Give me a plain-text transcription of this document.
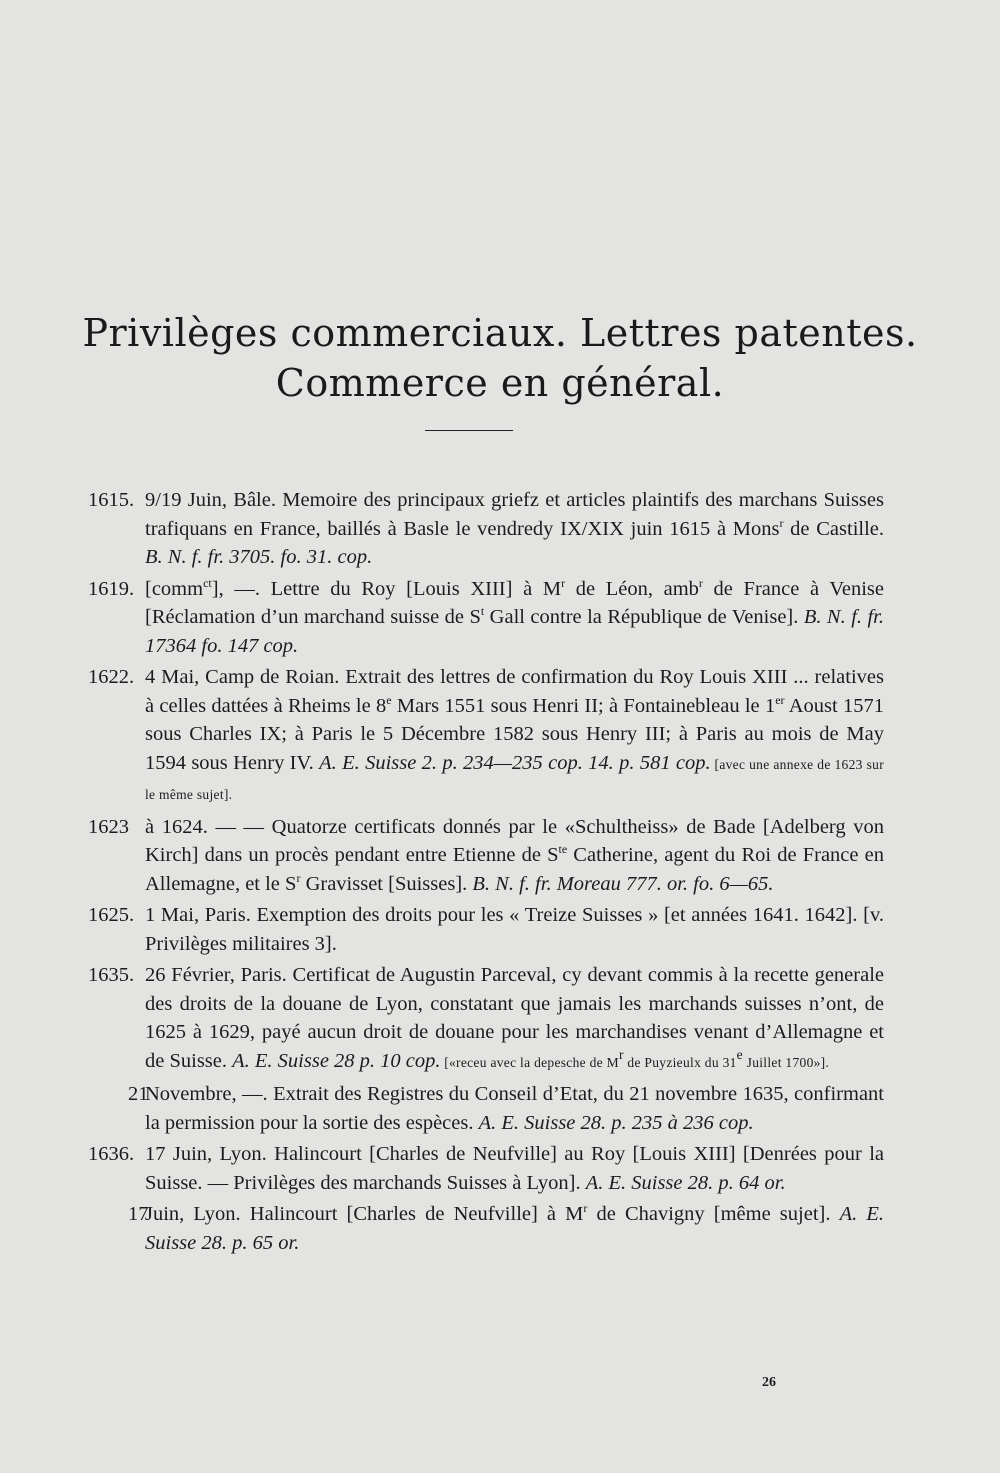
Privilèges commerciaux. Lettres patentes.
Commerce en général.
1615. 9/19 Juin, Bâle. Memoire des principaux griefz et articles plaintifs des marchans Suisses trafiquans en France, baillés à Basle le vendredy IX/XIX juin 1615 à Mons$^r$ de Castille. B. N. f. fr. 3705. fo. 31. cop.

1619. [comm$^{ct}$], —. Lettre du Roy [Louis XIII] à $M^r$ de Léon, amb$^r$ de France à Venise [Réclamation d’un marchand suisse de $S^t$ Gall contre la République de Venise]. B. N. f. fr. 17364 fo. 147 cop.

1622. 4 Mai, Camp de Roian. Extrait des lettres de confirmation du Roy Louis XIII ... relatives à celles dattées à Rheims le 8e Mars 1551 sous Henri II; à Fontainebleau le 1er Aoust 1571 sous Charles IX; à Paris le 5 Décembre 1582 sous Henry III; à Paris au mois de May 1594 sous Henry IV. A. E. Suisse 2. p. 234—235 cop. 14. p. 581 cop. [avec une annexe de 1623 sur le même sujet].

1623 à 1624. — — Quatorze certificats donnés par le «Schultheiss» de Bade [Adelberg von Kirch] dans un procès pendant entre Etienne de $S^{te}$ Catherine, agent du Roi de France en Allemagne, et le $S^r$ Gravisset [Suisses]. B. N. f. fr. Moreau 777. or. fo. 6—65.

1625. 1 Mai, Paris. Exemption des droits pour les « Treize Suisses » [et années 1641. 1642]. [v. Privilèges militaires 3].

1635. 26 Février, Paris. Certificat de Augustin Parceval, cy devant commis à la recette generale des droits de la douane de Lyon, constatant que jamais les marchands suisses n’ont, de 1625 à 1629, payé aucun droit de douane pour les marchandises venant d’Allemagne et de Suisse. A. E. Suisse 28 p. 10 cop. [«receu avec la depesche de $M^r$ de Puyzieulx du 31e Juillet 1700»].

21

Novembre, —. Extrait des Registres du Conseil d’Etat, du 21 novembre 1635, confirmant la permission pour la sortie des espèces. A. E. Suisse 28. p. 235 à 236 cop.

1636. 17 Juin, Lyon. Halincourt [Charles de Neufville] au Roy [Louis XIII] [Denrées pour la Suisse. — Privilèges des marchands Suisses à Lyon]. A. E. Suisse 28. p. 64 or.

17

Juin, Lyon. Halincourt [Charles de Neufville] à $M^r$ de Chavigny [même sujet]. A. E. Suisse 28. p. 65 or.

26
